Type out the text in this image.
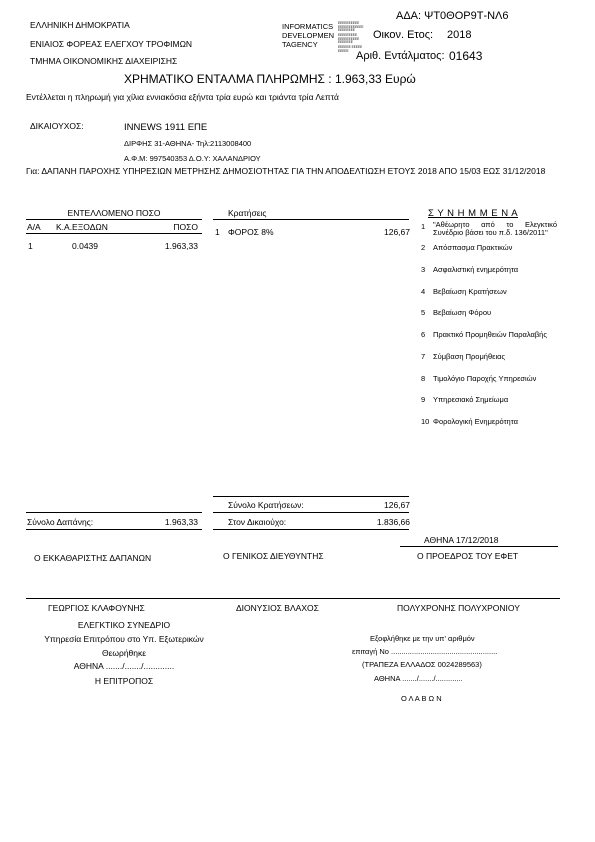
ΕΛΛΗΝΙΚΗ ΔΗΜΟΚΡΑΤΙΑ
ΕΝΙΑΙΟΣ ΦΟΡΕΑΣ ΕΛΕΓΧΟΥ ΤΡΟΦΙΜΩΝ
ΤΜΗΜΑ ΟΙΚΟΝΟΜΙΚΗΣ ΔΙΑΧΕΙΡΙΣΗΣ
INFORMATICS
DEVELOPMEN
TAGENCY
ΕΕΕΕΕΕΕΕΕΕ ΕΕΕΕΕΕΕΕΕΕΕΕ ΕΕΕΕΕΕΕΕ
ΕΕΕΕΕΕΕΕΕ ΕΕΕΕΕΕΕΕΕΕ ΕΕΕΕΕΕΕ
ΕΕΕΕΕΕ ΕΕΕΕΕ ΕΕΕΕΕ
ΑΔΑ: ΨΤ0ΘΟΡ9Τ-ΝΛ6
Οικον. Ετος: 2018
Αριθ. Εντάλματος: 01643
ΧΡΗΜΑΤΙΚΟ ΕΝΤΑΛΜΑ ΠΛΗΡΩΜΗΣ : 1.963,33 Ευρώ
Εντέλλεται η πληρωμή για χίλια εννιακόσια εξήντα τρία ευρώ και τριάντα τρία Λεπτά
ΔΙΚΑΙΟΥΧΟΣ:	INNEWS 1911 ΕΠΕ
ΔΙΡΦΗΣ 31-ΑΘΗΝΑ- Τηλ:2113008400
Α.Φ.Μ: 997540353 Δ.Ο.Υ: ΧΑΛΑΝΔΡΙΟΥ
Για: ΔΑΠΑΝΗ ΠΑΡΟΧΗΣ ΥΠΗΡΕΣΙΩΝ ΜΕΤΡΗΣΗΣ ΔΗΜΟΣΙΟΤΗΤΑΣ ΓΙΑ ΤΗΝ ΑΠΟΔΕΛΤΙΩΣΗ ΕΤΟΥΣ 2018 ΑΠΟ 15/03 ΕΩΣ 31/12/2018
ΕΝΤΕΛΛΟΜΕΝΟ ΠΟΣΟ
Α/Α Κ.Α.ΕΞΟΔΩΝ	ΠΟΣΟ
1	0.0439	1.963,33
Κρατήσεις
1 ΦΟΡΟΣ 8%	126,67
Σ Υ Ν Η Μ Μ Ε Ν Α
1 "Αθέωρητο από το Ελεγκτικό Συνέδριο βάσει του π.δ. 136/2011"
2 Απόσπασμα Πρακτικών
3 Ασφαλιστική ενημερότητα
4 Βεβαίωση Κρατήσεων
5 Βεβαίωση Φόρου
6 Πρακτικό Προμηθειών Παραλαβής
7 Σύμβαση Προμήθειας
8 Τιμολόγιο Παροχής Υπηρεσιών
9 Υπηρεσιακό Σημείωμα
10 Φορολογική Ενημερότητα
Σύνολο Κρατήσεων:	126,67
Στον Δικαιούχο:	1.836,66
Σύνολο Δαπάνης:	1.963,33
ΑΘΗΝΑ 17/12/2018
Ο ΕΚΚΑΘΑΡΙΣΤΗΣ ΔΑΠΑΝΩΝ	Ο ΓΕΝΙΚΟΣ ΔΙΕΥΘΥΝΤΗΣ	Ο ΠΡΟΕΔΡΟΣ ΤΟΥ ΕΦΕΤ
ΓΕΩΡΓΙΟΣ ΚΛΑΦΟΥΝΗΣ	ΔΙΟΝΥΣΙΟΣ ΒΛΑΧΟΣ	ΠΟΛΥΧΡΟΝΗΣ ΠΟΛΥΧΡΟΝΙΟΥ
ΕΛΕΓΚΤΙΚΟ ΣΥΝΕΔΡΙΟ
Υπηρεσία Επιτρόπου στο Υπ. Εξωτερικών
Θεωρήθηκε
ΑΘΗΝΑ ......./......./.............
Η ΕΠΙΤΡΟΠΟΣ
Εξοφλήθηκε με την υπ' αριθμόν
επιταγή Νο ...................................................
(ΤΡΑΠΕΖΑ ΕΛΛΑΔΟΣ 0024289563)
ΑΘΗΝΑ ......./......./.............
Ο Λ Α Β Ω Ν
